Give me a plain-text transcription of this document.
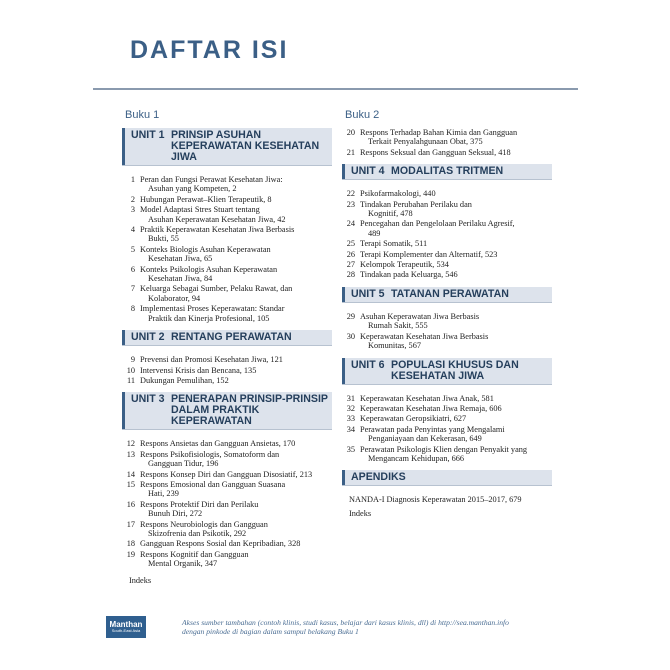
DAFTAR ISI
Buku 1
UNIT 1 PRINSIP ASUHAN KEPERAWATAN KESEHATAN JIWA
1 Peran dan Fungsi Perawat Kesehatan Jiwa:
Asuhan yang Kompeten, 2
2 Hubungan Perawat–Klien Terapeutik, 8
3 Model Adaptasi Stres Stuart tentang
Asuhan Keperawatan Kesehatan Jiwa, 42
4 Praktik Keperawatan Kesehatan Jiwa Berbasis
Bukti, 55
5 Konteks Biologis Asuhan Keperawatan
Kesehatan Jiwa, 65
6 Konteks Psikologis Asuhan Keperawatan
Kesehatan Jiwa, 84
7 Keluarga Sebagai Sumber, Pelaku Rawat, dan
Kolaborator, 94
8 Implementasi Proses Keperawatan: Standar
Praktik dan Kinerja Profesional, 105
UNIT 2 RENTANG PERAWATAN
9 Prevensi dan Promosi Kesehatan Jiwa, 121
10 Intervensi Krisis dan Bencana, 135
11 Dukungan Pemulihan, 152
UNIT 3 PENERAPAN PRINSIP-PRINSIP DALAM PRAKTIK KEPERAWATAN
12 Respons Ansietas dan Gangguan Ansietas, 170
13 Respons Psikofisiologis, Somatoform dan
Gangguan Tidur, 196
14 Respons Konsep Diri dan Gangguan Disosiatif, 213
15 Respons Emosional dan Gangguan Suasana
Hati, 239
16 Respons Protektif Diri dan Perilaku
Bunuh Diri, 272
17 Respons Neurobiologis dan Gangguan
Skizofrenia dan Psikotik, 292
18 Gangguan Respons Sosial dan Kepribadian, 328
19 Respons Kognitif dan Gangguan
Mental Organik, 347
Indeks
Buku 2
20 Respons Terhadap Bahan Kimia dan Gangguan
Terkait Penyalahgunaan Obat, 375
21 Respons Seksual dan Gangguan Seksual, 418
UNIT 4 MODALITAS TRITMEN
22 Psikofarmakologi, 440
23 Tindakan Perubahan Perilaku dan
Kognitif, 478
24 Pencegahan dan Pengelolaan Perilaku Agresif,
489
25 Terapi Somatik, 511
26 Terapi Komplementer dan Alternatif, 523
27 Kelompok Terapeutik, 534
28 Tindakan pada Keluarga, 546
UNIT 5 TATANAN PERAWATAN
29 Asuhan Keperawatan Jiwa Berbasis
Rumah Sakit, 555
30 Keperawatan Kesehatan Jiwa Berbasis
Komunitas, 567
UNIT 6 POPULASI KHUSUS DAN KESEHATAN JIWA
31 Keperawatan Kesehatan Jiwa Anak, 581
32 Keperawatan Kesehatan Jiwa Remaja, 606
33 Keperawatan Geropsikiatri, 627
34 Perawatan pada Penyintas yang Mengalami
Penganiayaan dan Kekerasan, 649
35 Perawatan Psikologis Klien dengan Penyakit yang
Mengancam Kehidupan, 666
APENDIKS
NANDA-I Diagnosis Keperawatan 2015–2017, 679
Indeks
Manthan
South-East Asia
Akses sumber tambahan (contoh klinis, studi kasus, belajar dari kasus klinis, dll) di http://sea.manthan.info
dengan pinkode di bagian dalam sampul belakang Buku 1
